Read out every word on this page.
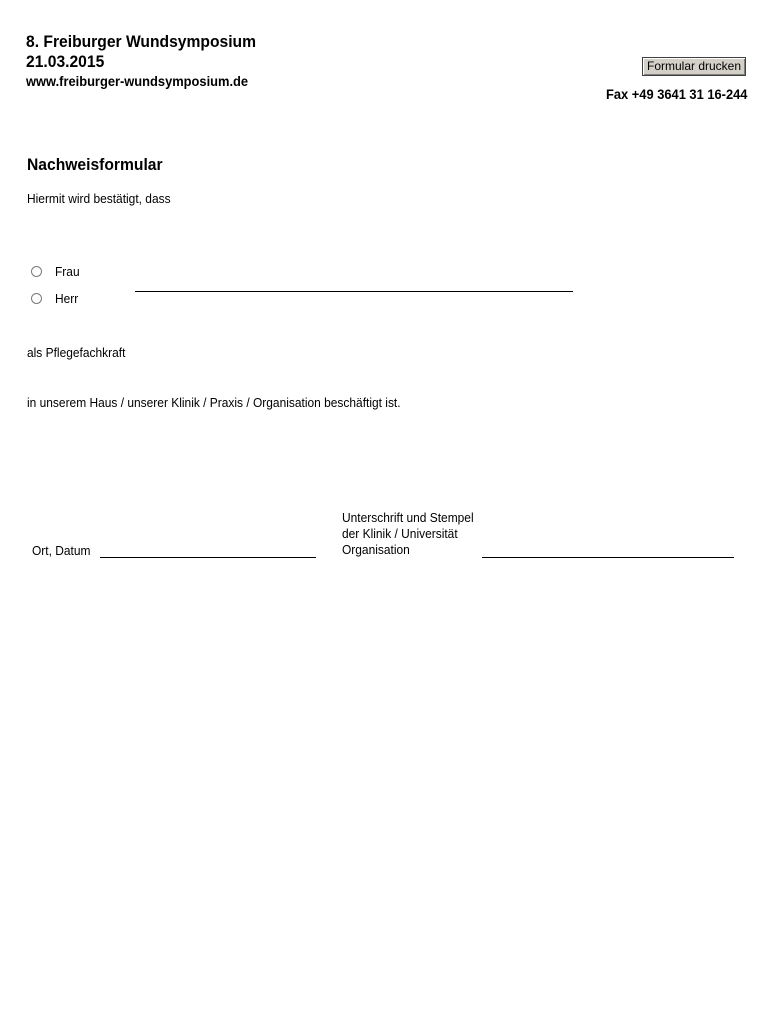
8. Freiburger Wundsymposium
21.03.2015
www.freiburger-wundsymposium.de
Formular drucken
Fax +49 3641 31 16-244
Nachweisformular
Hiermit wird bestätigt, dass
Frau
Herr
als Pflegefachkraft
in unserem Haus / unserer Klinik / Praxis / Organisation beschäftigt ist.
Ort, Datum
Unterschrift und Stempel
der Klinik / Universität
Organisation
